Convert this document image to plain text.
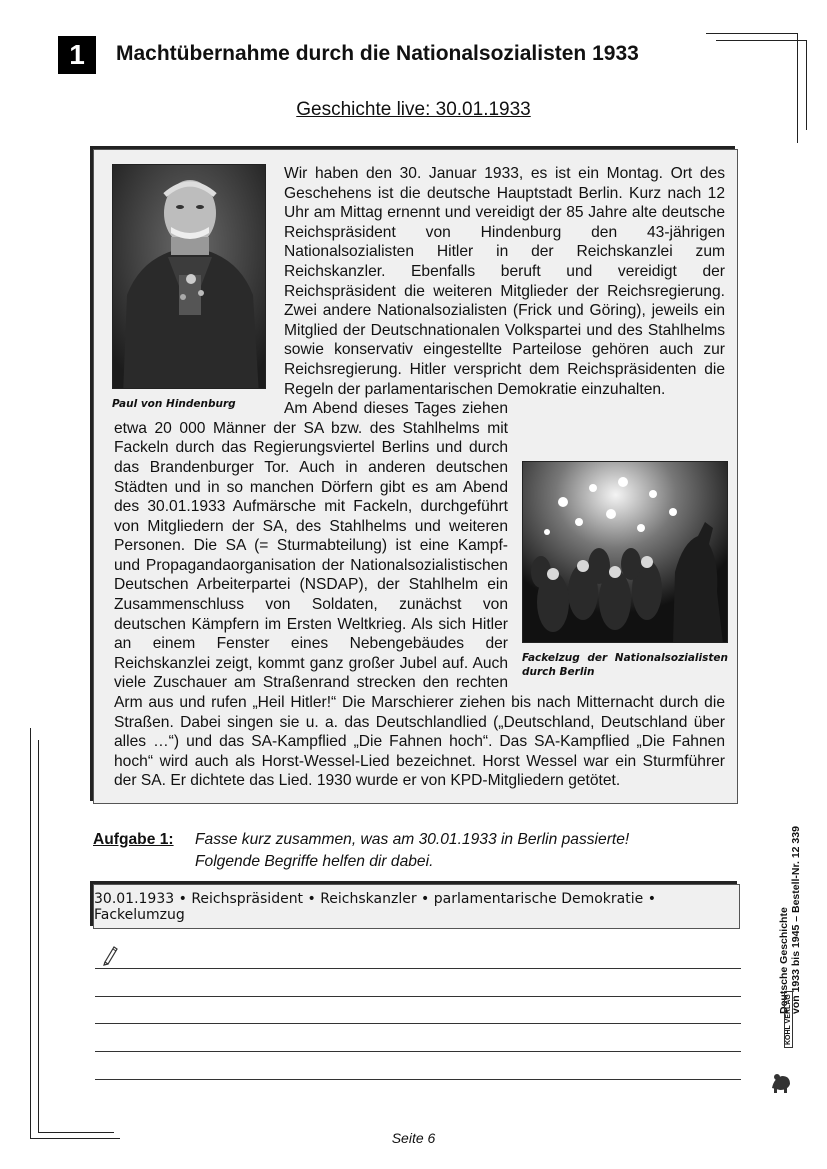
1 Machtübernahme durch die Nationalsozialisten 1933
Geschichte live: 30.01.1933
Paul von Hindenburg

Wir haben den 30. Januar 1933, es ist ein Montag. Ort des Geschehens ist die deutsche Hauptstadt Berlin. Kurz nach 12 Uhr am Mittag ernennt und vereidigt der 85 Jahre alte deutsche Reichspräsident von Hindenburg den 43-jährigen Nationalsozialisten Hitler in der Reichskanzlei zum Reichskanzler. Ebenfalls beruft und vereidigt der Reichspräsident die weiteren Mitglieder der Reichsregierung. Zwei andere Nationalsozialisten (Frick und Göring), jeweils ein Mitglied der Deutschnationalen Volkspartei und des Stahlhelms sowie konservativ eingestellte Parteilose gehören auch zur Reichsregierung. Hitler verspricht dem Reichspräsidenten die Regeln der parlamentarischen Demokratie einzuhalten.

Fackelzug der Nationalsozialisten durch Berlin

Am Abend dieses Tages ziehen etwa 20 000 Männer der SA bzw. des Stahlhelms mit Fackeln durch das Regierungsviertel Berlins und durch das Brandenburger Tor. Auch in anderen deutschen Städten und in so manchen Dörfern gibt es am Abend des 30.01.1933 Aufmärsche mit Fackeln, durchgeführt von Mitgliedern der SA, des Stahlhelms und weiteren Personen. Die SA (= Sturmabteilung) ist eine Kampf- und Propagandaorganisation der Nationalsozialistischen Deutschen Arbeiterpartei (NSDAP), der Stahlhelm ein Zusammenschluss von Soldaten, zunächst von deutschen Kämpfern im Ersten Weltkrieg. Als sich Hitler an einem Fenster eines Nebengebäudes der Reichskanzlei zeigt, kommt ganz großer Jubel auf. Auch viele Zuschauer am Straßenrand strecken den rechten Arm aus und rufen „Heil Hitler!“ Die Marschierer ziehen bis nach Mitternacht durch die Straßen. Dabei singen sie u. a. das Deutschlandlied („Deutschland, Deutschland über alles …“) und das SA-Kampflied „Die Fahnen hoch“. Das SA-Kampflied „Die Fahnen hoch“ wird auch als Horst-Wessel-Lied bezeichnet. Horst Wessel war ein Sturmführer der SA. Er dichtete das Lied. 1930 wurde er von KPD-Mitgliedern getötet.

Aufgabe 1: Fasse kurz zusammen, was am 30.01.1933 in Berlin passierte!
Folgende Begriffe helfen dir dabei.
30.01.1933 • Reichspräsident • Reichskanzler • parlamentarische Demokratie • Fackelumzug	Deutsche Geschichte von 1933 bis 1945 – Bestell-Nr. 12 339
KOHL VERLAG
Seite 6
